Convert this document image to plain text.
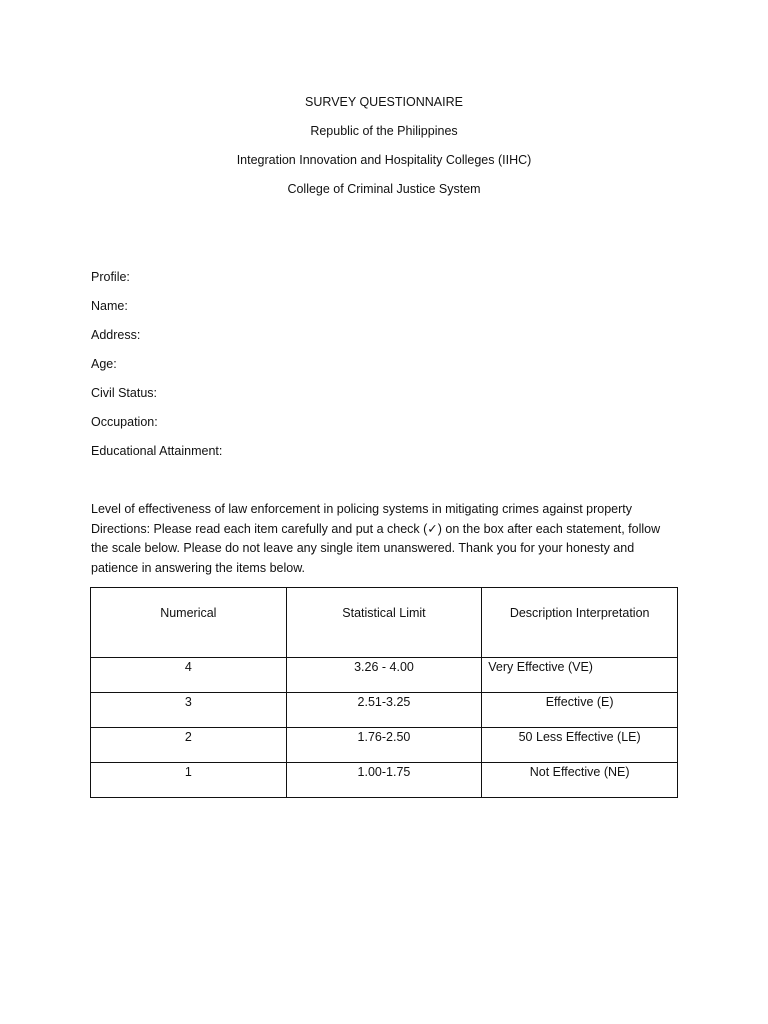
SURVEY QUESTIONNAIRE
Republic of the Philippines
Integration Innovation and Hospitality Colleges (IIHC)
College of Criminal Justice System
Profile:
Name:
Address:
Age:
Civil Status:
Occupation:
Educational Attainment:
Level of effectiveness of law enforcement in policing systems in mitigating crimes against property
Directions: Please read each item carefully and put a check (✓) on the box after each statement, follow
the scale below. Please do not leave any single item unanswered. Thank you for your honesty and
patience in answering the items below.
Numerical	Statistical Limit	Description Interpretation
4	3.26 - 4.00	Very Effective (VE)
3	2.51-3.25	Effective (E)
2	1.76-2.50	50 Less Effective (LE)
1	1.00-1.75	Not Effective (NE)
